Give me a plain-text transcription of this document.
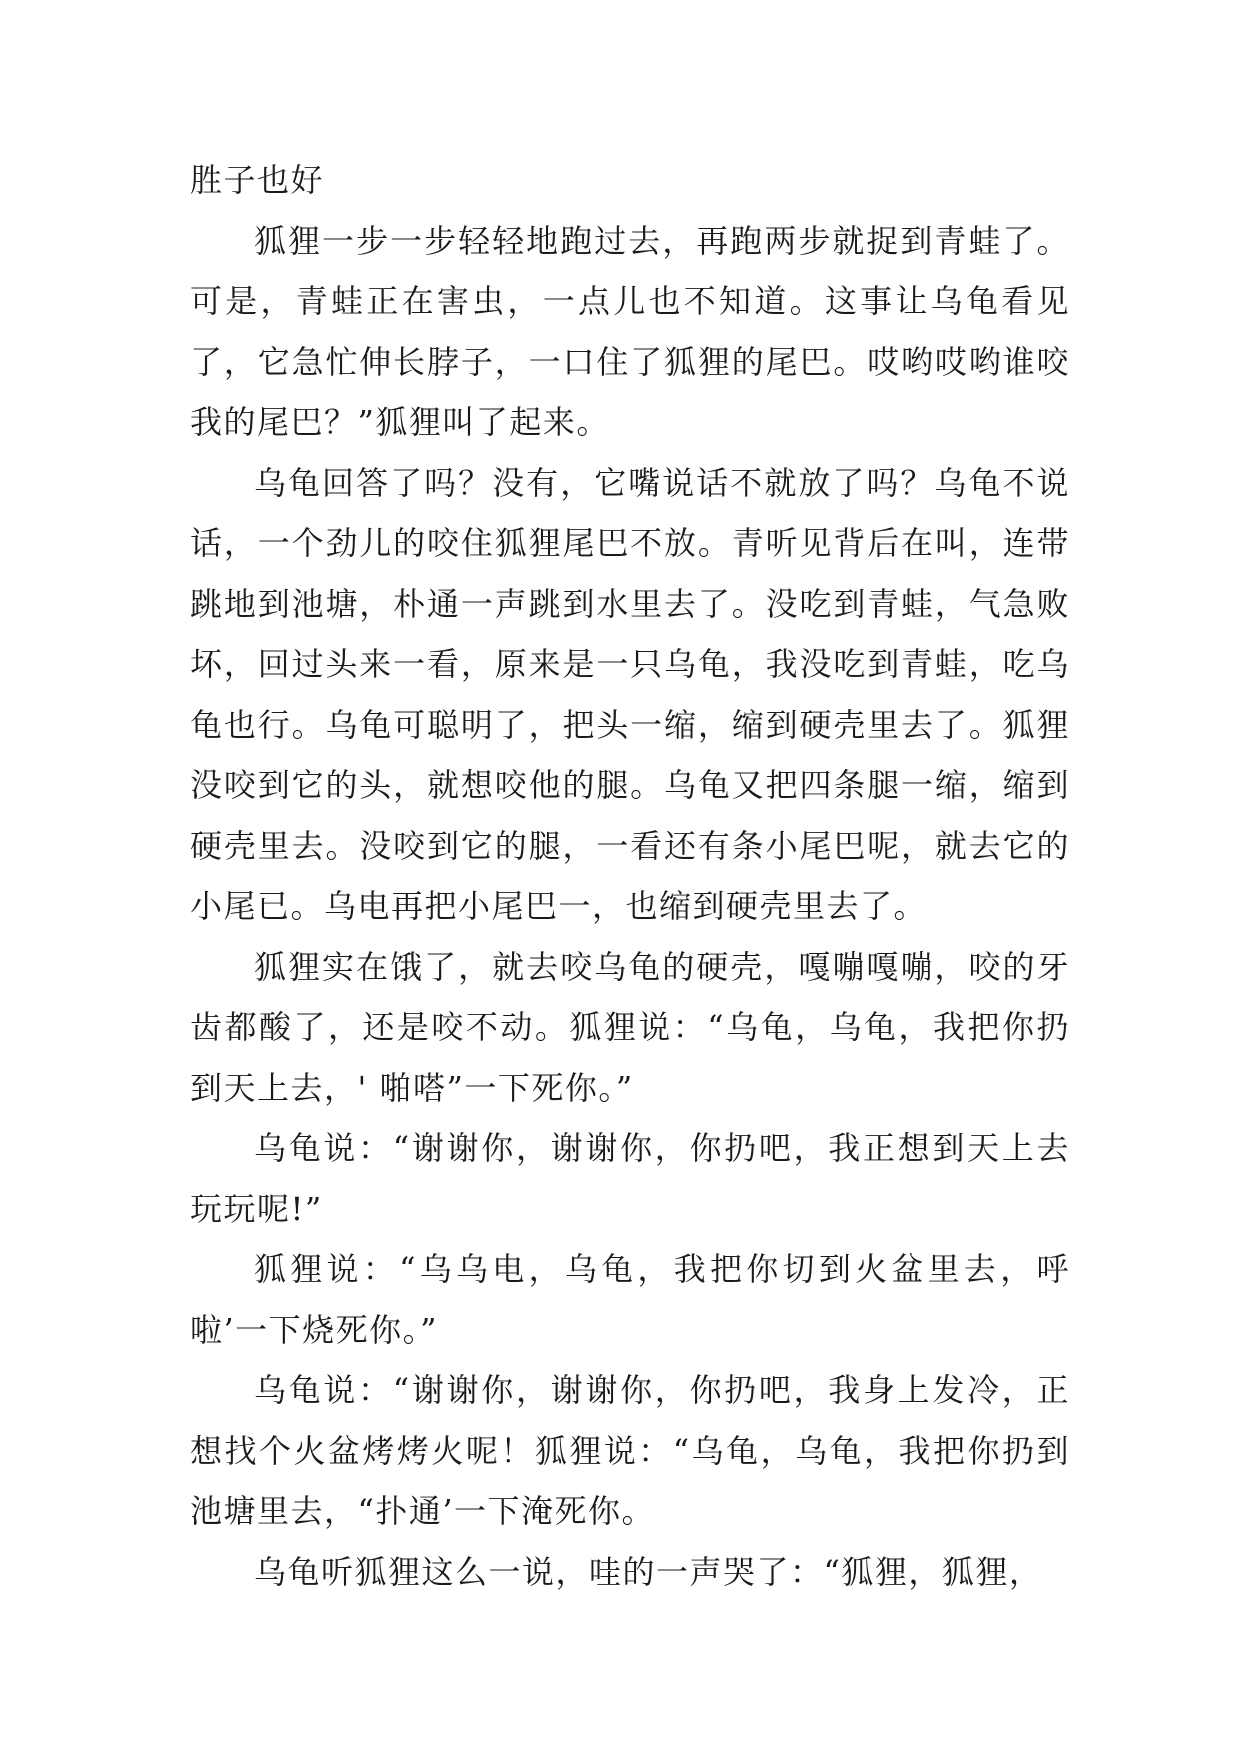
胜子也好

狐狸一步一步轻轻地跑过去，再跑两步就捉到青蛙了。可是，青蛙正在害虫，一点儿也不知道。这事让乌龟看见了，它急忙伸长脖子，一口住了狐狸的尾巴。哎哟哎哟谁咬我的尾巴？”狐狸叫了起来。

乌龟回答了吗？没有，它嘴说话不就放了吗？乌龟不说话，一个劲儿的咬住狐狸尾巴不放。青听见背后在叫，连带跳地到池塘，朴通一声跳到水里去了。没吃到青蛙，气急败坏，回过头来一看，原来是一只乌龟，我没吃到青蛙，吃乌龟也行。乌龟可聪明了，把头一缩，缩到硬壳里去了。狐狸没咬到它的头，就想咬他的腿。乌龟又把四条腿一缩，缩到硬壳里去。没咬到它的腿，一看还有条小尾巴呢，就去它的小尾已。乌电再把小尾巴一，也缩到硬壳里去了。

狐狸实在饿了，就去咬乌龟的硬壳，嘎嘣嘎嘣，咬的牙齿都酸了，还是咬不动。狐狸说：“乌龟，乌龟，我把你扔到天上去，' 啪嗒”一下死你。”

乌龟说：“谢谢你，谢谢你，你扔吧，我正想到天上去玩玩呢!”

狐狸说：“乌乌电，乌龟，我把你切到火盆里去，呼啦’一下烧死你。”

乌龟说：“谢谢你，谢谢你，你扔吧，我身上发冷，正想找个火盆烤烤火呢！狐狸说：“乌龟，乌龟，我把你扔到池塘里去，“扑通’一下淹死你。

乌龟听狐狸这么一说，哇的一声哭了：“狐狸，狐狸，
